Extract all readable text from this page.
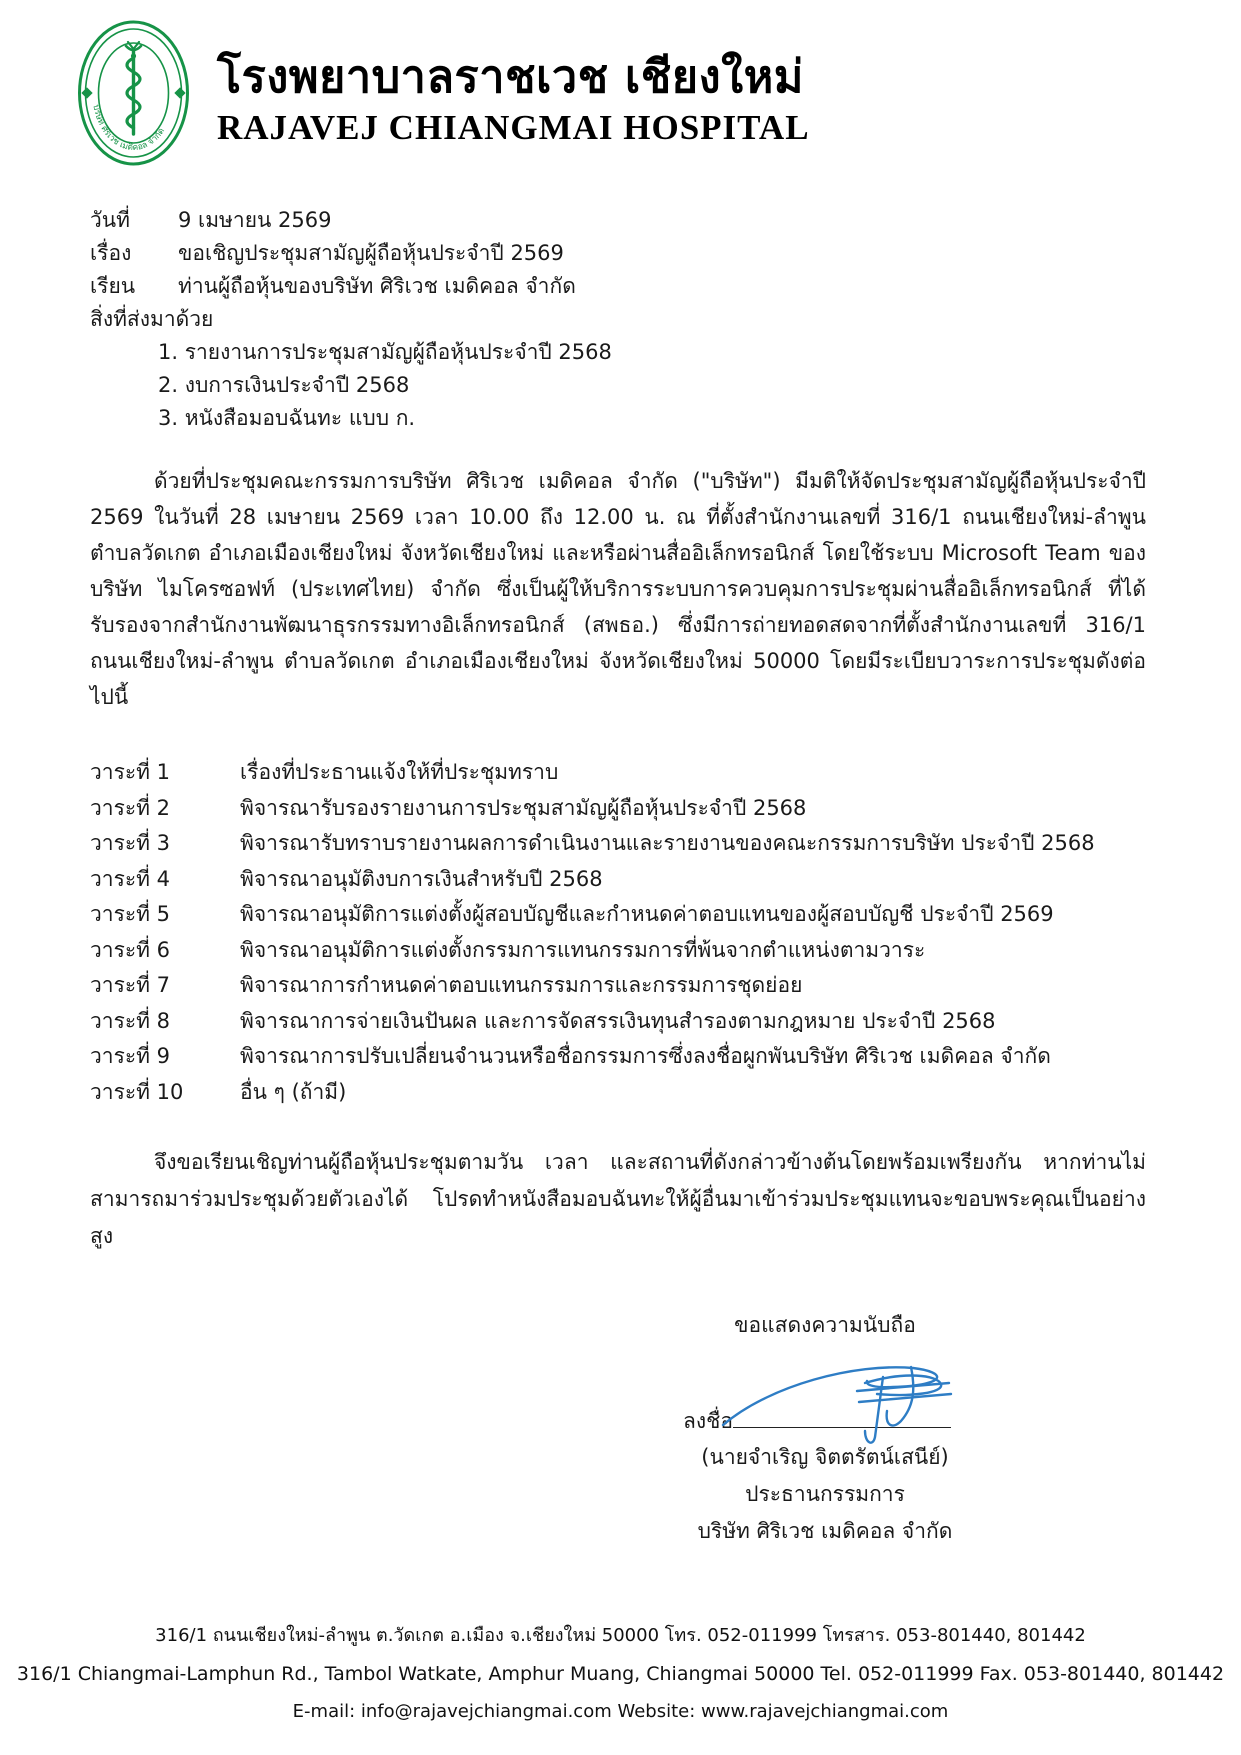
บริษัท ศิริเวช เมดิคอล จำกัด
โรงพยาบาลราชเวช เชียงใหม่
RAJAVEJ CHIANGMAI HOSPITAL
วันที่	9 เมษายน 2569
เรื่อง	ขอเชิญประชุมสามัญผู้ถือหุ้นประจำปี 2569
เรียน	ท่านผู้ถือหุ้นของบริษัท ศิริเวช เมดิคอล จำกัด
สิ่งที่ส่งมาด้วย
1. รายงานการประชุมสามัญผู้ถือหุ้นประจำปี 2568
2. งบการเงินประจำปี 2568
3. หนังสือมอบฉันทะ แบบ ก.
ด้วยที่ประชุมคณะกรรมการบริษัท ศิริเวช เมดิคอล จำกัด ("บริษัท") มีมติให้จัดประชุมสามัญผู้ถือหุ้นประจำปี 2569 ในวันที่ 28 เมษายน 2569 เวลา 10.00 ถึง 12.00 น. ณ ที่ตั้งสำนักงานเลขที่ 316/1 ถนนเชียงใหม่-ลำพูน ตำบลวัดเกต อำเภอเมืองเชียงใหม่ จังหวัดเชียงใหม่ และหรือผ่านสื่ออิเล็กทรอนิกส์ โดยใช้ระบบ Microsoft Team ของบริษัท ไมโครซอฟท์ (ประเทศไทย) จำกัด ซึ่งเป็นผู้ให้บริการระบบการควบคุมการประชุมผ่านสื่ออิเล็กทรอนิกส์ ที่ได้รับรองจากสำนักงานพัฒนาธุรกรรมทางอิเล็กทรอนิกส์ (สพธอ.) ซึ่งมีการถ่ายทอดสดจากที่ตั้งสำนักงานเลขที่ 316/1 ถนนเชียงใหม่-ลำพูน ตำบลวัดเกต อำเภอเมืองเชียงใหม่ จังหวัดเชียงใหม่ 50000 โดยมีระเบียบวาระการประชุมดังต่อไปนี้
วาระที่ 1	เรื่องที่ประธานแจ้งให้ที่ประชุมทราบ
วาระที่ 2	พิจารณารับรองรายงานการประชุมสามัญผู้ถือหุ้นประจำปี 2568
วาระที่ 3	พิจารณารับทราบรายงานผลการดำเนินงานและรายงานของคณะกรรมการบริษัท ประจำปี 2568
วาระที่ 4	พิจารณาอนุมัติงบการเงินสำหรับปี 2568
วาระที่ 5	พิจารณาอนุมัติการแต่งตั้งผู้สอบบัญชีและกำหนดค่าตอบแทนของผู้สอบบัญชี ประจำปี 2569
วาระที่ 6	พิจารณาอนุมัติการแต่งตั้งกรรมการแทนกรรมการที่พ้นจากตำแหน่งตามวาระ
วาระที่ 7	พิจารณาการกำหนดค่าตอบแทนกรรมการและกรรมการชุดย่อย
วาระที่ 8	พิจารณาการจ่ายเงินปันผล และการจัดสรรเงินทุนสำรองตามกฎหมาย ประจำปี 2568
วาระที่ 9	พิจารณาการปรับเปลี่ยนจำนวนหรือชื่อกรรมการซึ่งลงชื่อผูกพันบริษัท ศิริเวช เมดิคอล จำกัด
วาระที่ 10	อื่น ๆ (ถ้ามี)
จึงขอเรียนเชิญท่านผู้ถือหุ้นประชุมตามวัน เวลา และสถานที่ดังกล่าวข้างต้นโดยพร้อมเพรียงกัน หากท่านไม่สามารถมาร่วมประชุมด้วยตัวเองได้ โปรดทำหนังสือมอบฉันทะให้ผู้อื่นมาเข้าร่วมประชุมแทนจะขอบพระคุณเป็นอย่างสูง
ขอแสดงความนับถือ
ลงชื่อ
(นายจำเริญ จิตตรัตน์เสนีย์)
ประธานกรรมการ
บริษัท ศิริเวช เมดิคอล จำกัด
316/1 ถนนเชียงใหม่-ลำพูน ต.วัดเกต อ.เมือง จ.เชียงใหม่ 50000 โทร. 052-011999 โทรสาร. 053-801440, 801442
316/1 Chiangmai-Lamphun Rd., Tambol Watkate, Amphur Muang, Chiangmai 50000 Tel. 052-011999 Fax. 053-801440, 801442
E-mail: info@rajavejchiangmai.com Website: www.rajavejchiangmai.com
